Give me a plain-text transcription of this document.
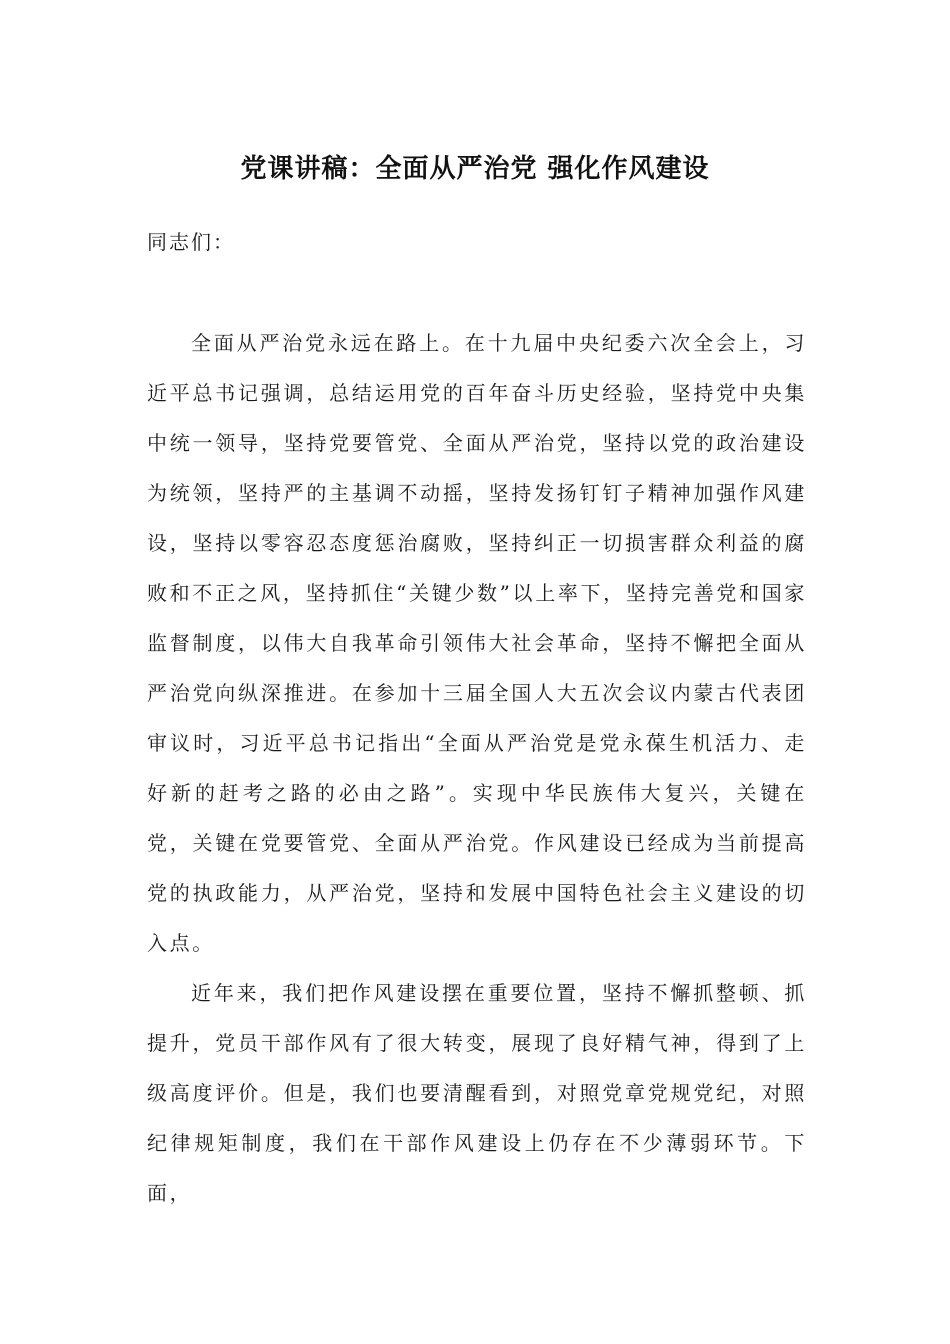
党课讲稿：全面从严治党 强化作风建设
同志们：

全面从严治党永远在路上。在十九届中央纪委六次全会上，习近平总书记强调，总结运用党的百年奋斗历史经验，坚持党中央集中统一领导，坚持党要管党、全面从严治党，坚持以党的政治建设为统领，坚持严的主基调不动摇，坚持发扬钉钉子精神加强作风建设，坚持以零容忍态度惩治腐败，坚持纠正一切损害群众利益的腐败和不正之风，坚持抓住“关键少数”以上率下，坚持完善党和国家监督制度，以伟大自我革命引领伟大社会革命，坚持不懈把全面从严治党向纵深推进。在参加十三届全国人大五次会议内蒙古代表团审议时，习近平总书记指出“全面从严治党是党永葆生机活力、走好新的赶考之路的必由之路”。实现中华民族伟大复兴，关键在党，关键在党要管党、全面从严治党。作风建设已经成为当前提高党的执政能力，从严治党，坚持和发展中国特色社会主义建设的切入点。

近年来，我们把作风建设摆在重要位置，坚持不懈抓整顿、抓提升，党员干部作风有了很大转变，展现了良好精气神，得到了上级高度评价。但是，我们也要清醒看到，对照党章党规党纪，对照纪律规矩制度，我们在干部作风建设上仍存在不少薄弱环节。下面，
